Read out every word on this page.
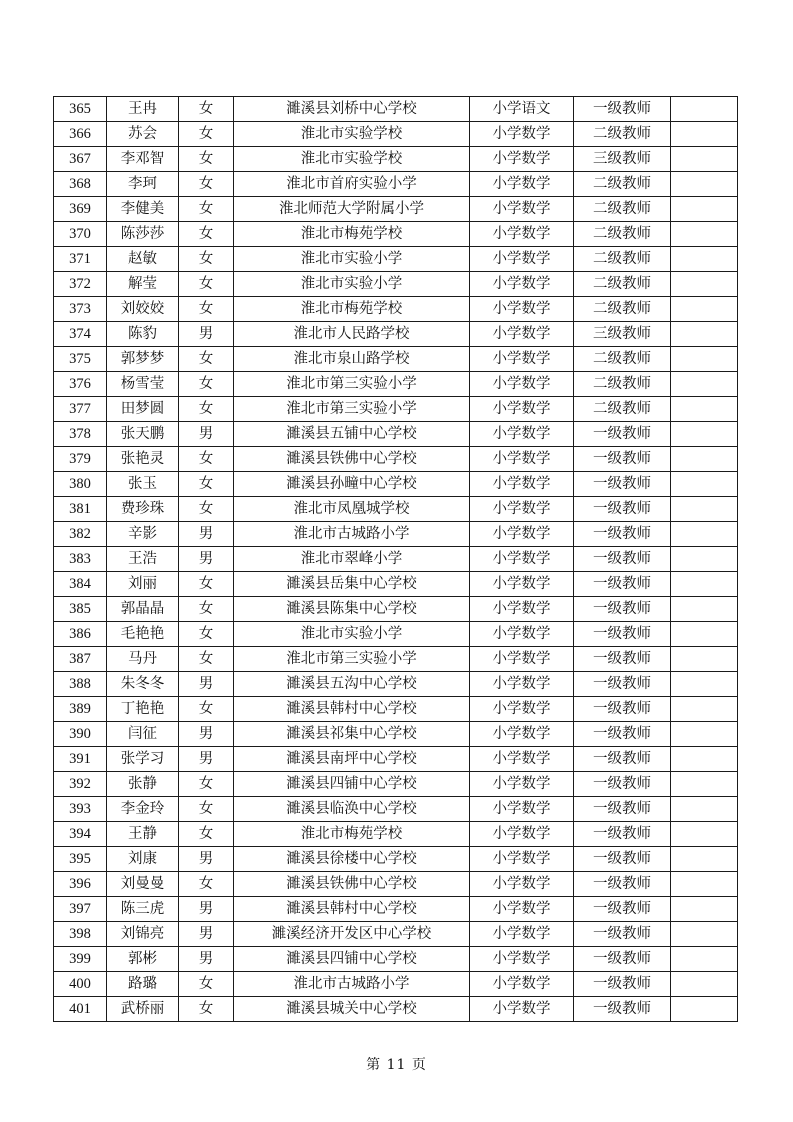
365	王冉	女	濉溪县刘桥中心学校	小学语文	一级教师	
366	苏会	女	淮北市实验学校	小学数学	二级教师	
367	李邓智	女	淮北市实验学校	小学数学	三级教师	
368	李珂	女	淮北市首府实验小学	小学数学	二级教师	
369	李健美	女	淮北师范大学附属小学	小学数学	二级教师	
370	陈莎莎	女	淮北市梅苑学校	小学数学	二级教师	
371	赵敏	女	淮北市实验小学	小学数学	二级教师	
372	解莹	女	淮北市实验小学	小学数学	二级教师	
373	刘姣姣	女	淮北市梅苑学校	小学数学	二级教师	
374	陈豹	男	淮北市人民路学校	小学数学	三级教师	
375	郭梦梦	女	淮北市泉山路学校	小学数学	二级教师	
376	杨雪莹	女	淮北市第三实验小学	小学数学	二级教师	
377	田梦圆	女	淮北市第三实验小学	小学数学	二级教师	
378	张天鹏	男	濉溪县五铺中心学校	小学数学	一级教师	
379	张艳灵	女	濉溪县铁佛中心学校	小学数学	一级教师	
380	张玉	女	濉溪县孙疃中心学校	小学数学	一级教师	
381	费珍珠	女	淮北市凤凰城学校	小学数学	一级教师	
382	辛影	男	淮北市古城路小学	小学数学	一级教师	
383	王浩	男	淮北市翠峰小学	小学数学	一级教师	
384	刘丽	女	濉溪县岳集中心学校	小学数学	一级教师	
385	郭晶晶	女	濉溪县陈集中心学校	小学数学	一级教师	
386	毛艳艳	女	淮北市实验小学	小学数学	一级教师	
387	马丹	女	淮北市第三实验小学	小学数学	一级教师	
388	朱冬冬	男	濉溪县五沟中心学校	小学数学	一级教师	
389	丁艳艳	女	濉溪县韩村中心学校	小学数学	一级教师	
390	闫征	男	濉溪县祁集中心学校	小学数学	一级教师	
391	张学习	男	濉溪县南坪中心学校	小学数学	一级教师	
392	张静	女	濉溪县四铺中心学校	小学数学	一级教师	
393	李金玲	女	濉溪县临涣中心学校	小学数学	一级教师	
394	王静	女	淮北市梅苑学校	小学数学	一级教师	
395	刘康	男	濉溪县徐楼中心学校	小学数学	一级教师	
396	刘曼曼	女	濉溪县铁佛中心学校	小学数学	一级教师	
397	陈三虎	男	濉溪县韩村中心学校	小学数学	一级教师	
398	刘锦亮	男	濉溪经济开发区中心学校	小学数学	一级教师	
399	郭彬	男	濉溪县四铺中心学校	小学数学	一级教师	
400	路璐	女	淮北市古城路小学	小学数学	一级教师	
401	武桥丽	女	濉溪县城关中心学校	小学数学	一级教师	
第 11 页
